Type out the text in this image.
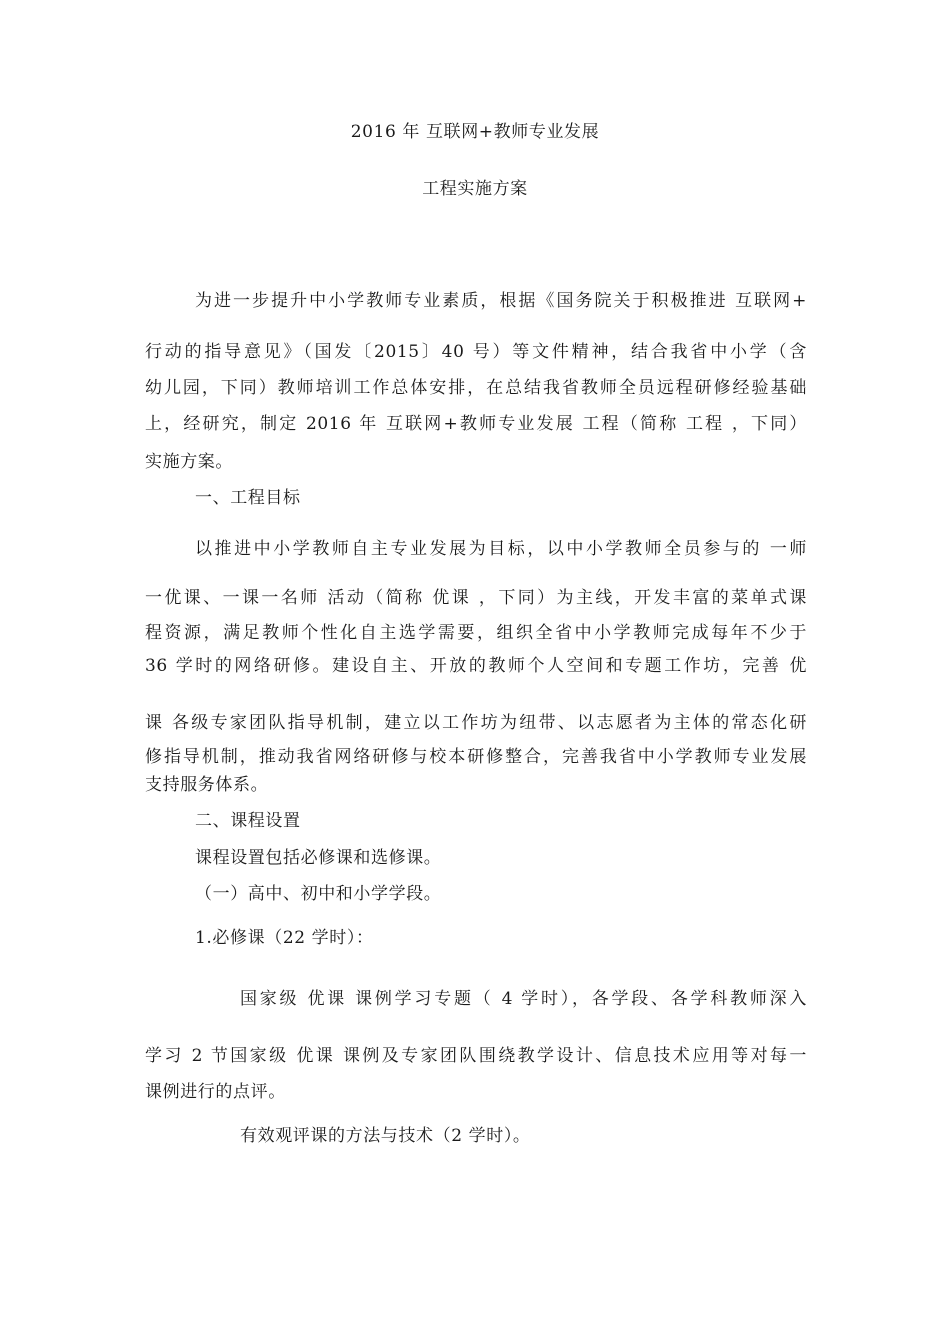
2016 年 互联网+教师专业发展
工程实施方案
为进一步提升中小学教师专业素质，根据《国务院关于积极推进 互联网+
行动的指导意见》（国发〔2015〕40 号）等文件精神，结合我省中小学（含
幼儿园，下同）教师培训工作总体安排，在总结我省教师全员远程研修经验基础
上，经研究，制定 2016 年 互联网+教师专业发展 工程（简称 工程 ，下同）
实施方案。
一、工程目标
以推进中小学教师自主专业发展为目标，以中小学教师全员参与的 一师
一优课、一课一名师 活动（简称 优课 ，下同）为主线，开发丰富的菜单式课
程资源，满足教师个性化自主选学需要，组织全省中小学教师完成每年不少于
36 学时的网络研修。建设自主、开放的教师个人空间和专题工作坊，完善 优
课 各级专家团队指导机制，建立以工作坊为纽带、以志愿者为主体的常态化研
修指导机制，推动我省网络研修与校本研修整合，完善我省中小学教师专业发展
支持服务体系。
二、课程设置
课程设置包括必修课和选修课。
（一）高中、初中和小学学段。
1.必修课（22 学时）：
国家级 优课 课例学习专题（ 4 学时），各学段、各学科教师深入
学习 2 节国家级 优课 课例及专家团队围绕教学设计、信息技术应用等对每一
课例进行的点评。
有效观评课的方法与技术（2 学时）。
